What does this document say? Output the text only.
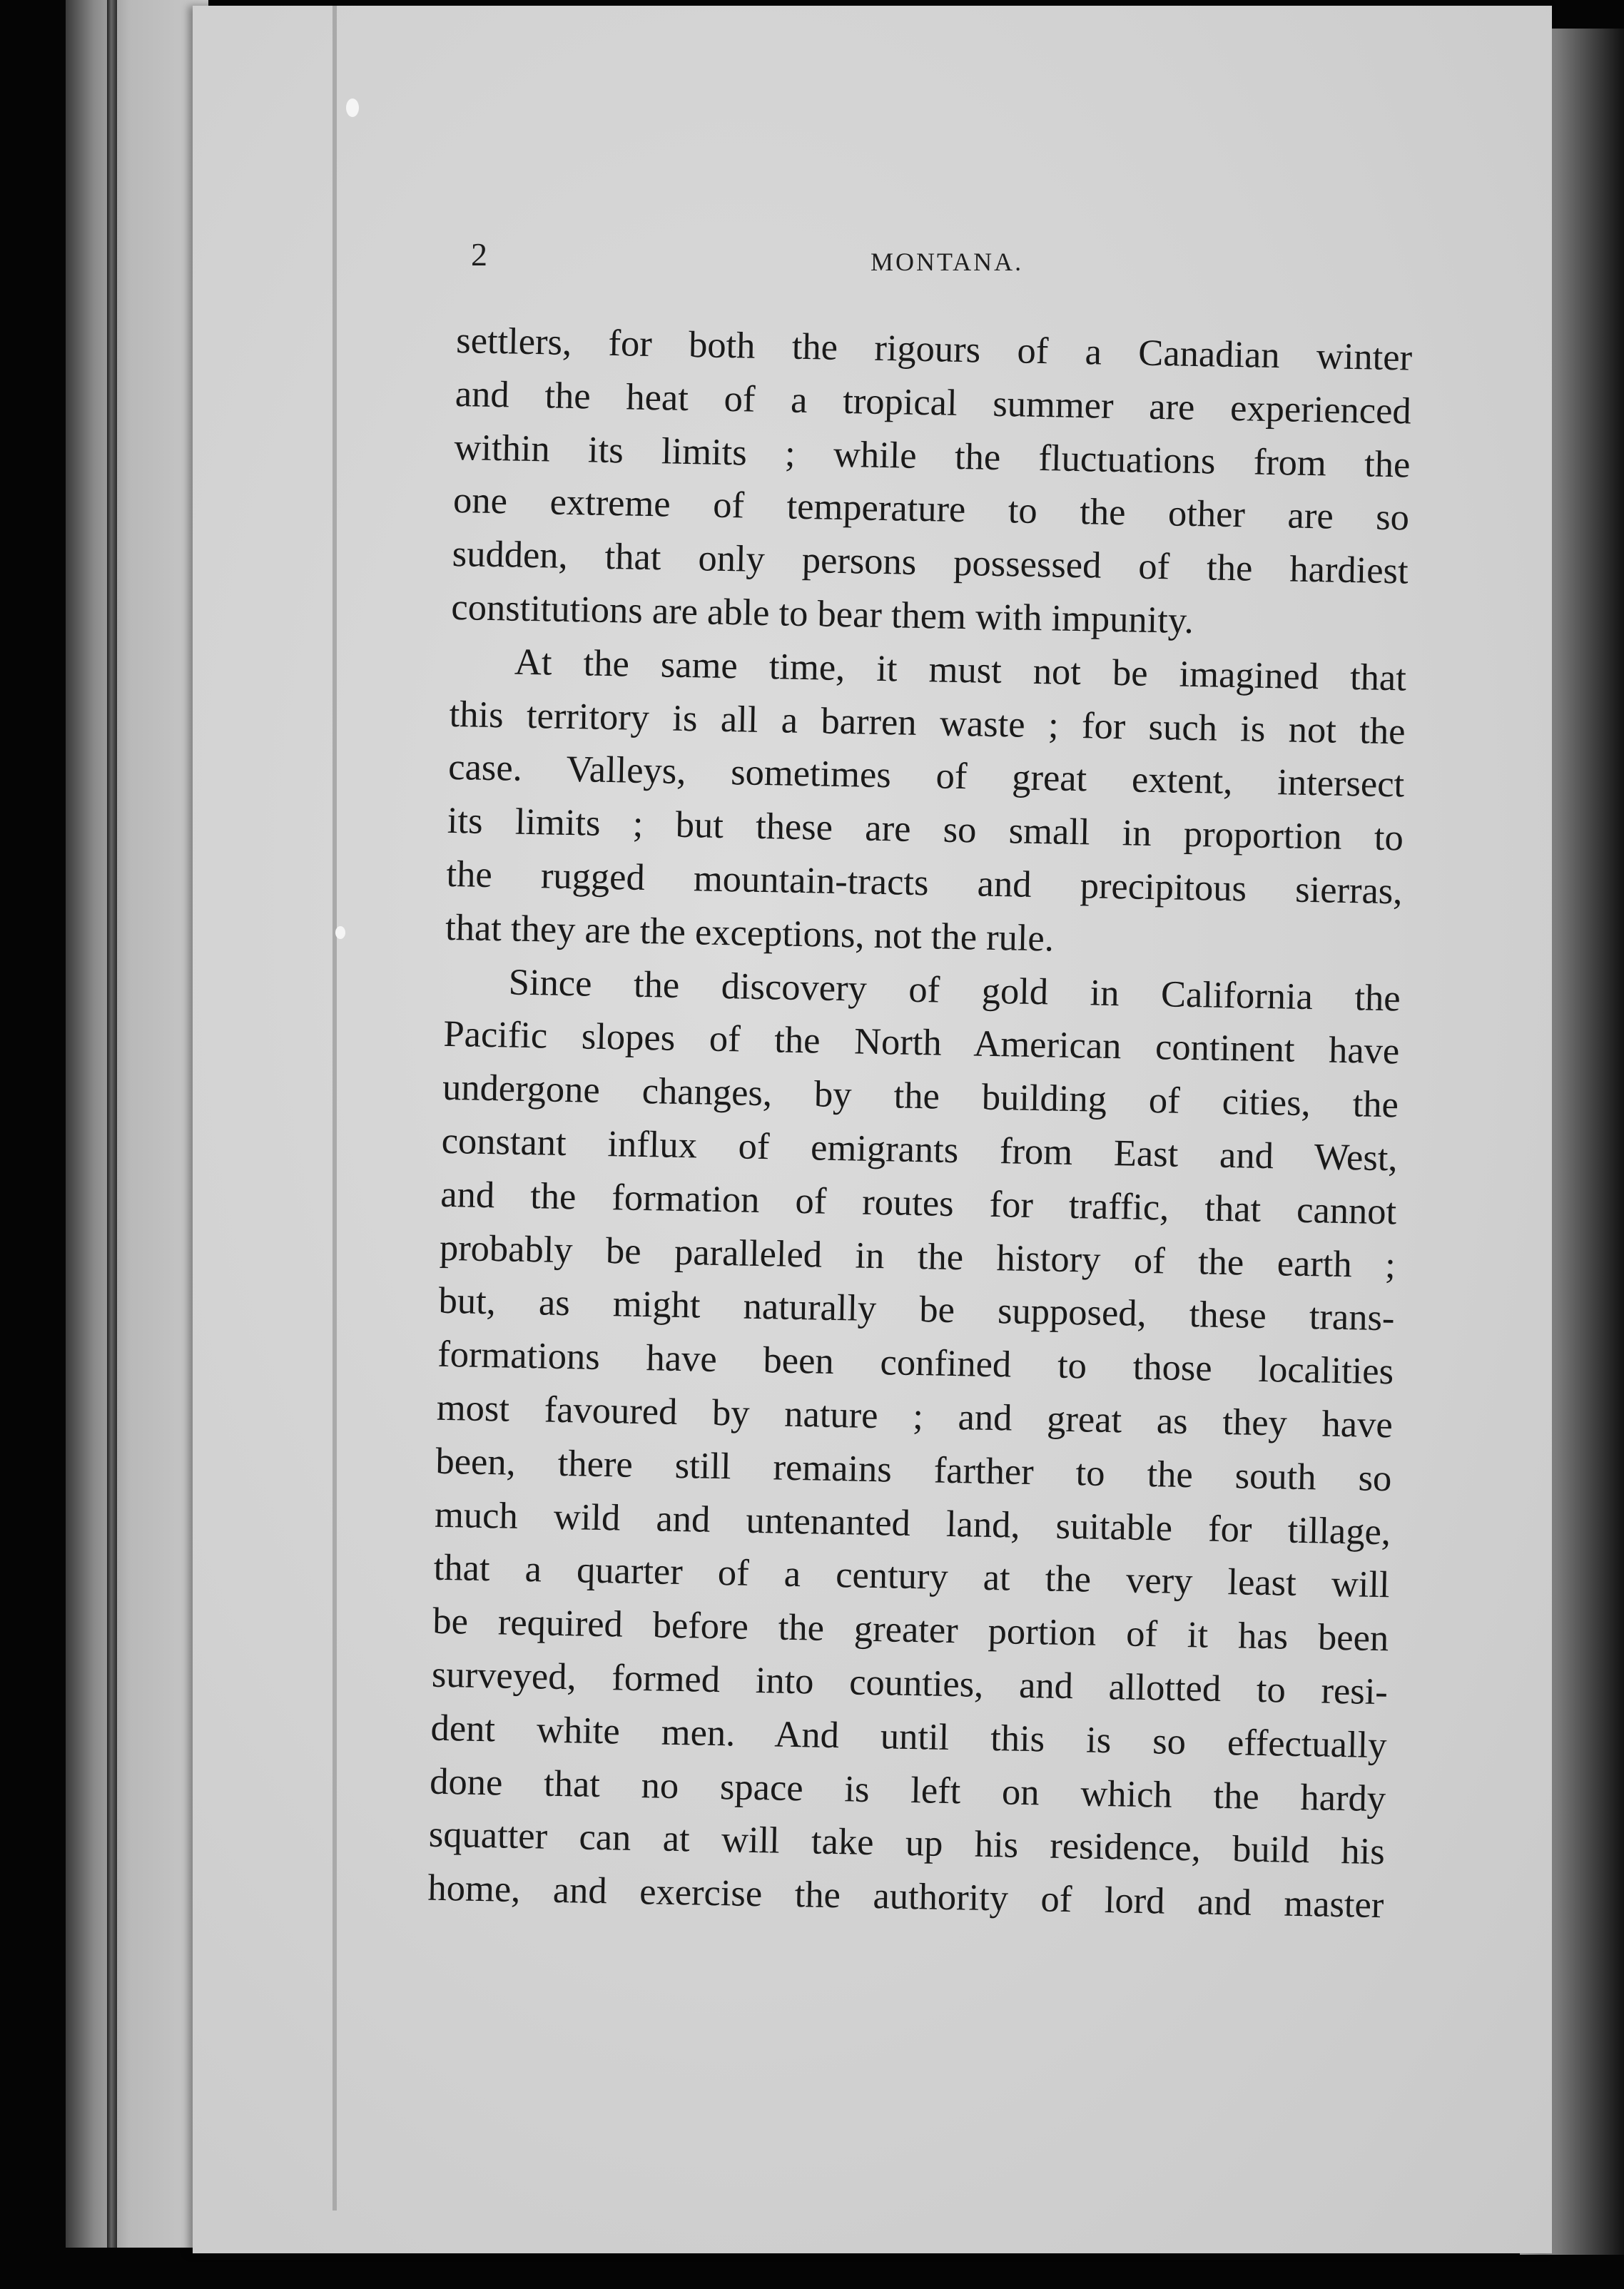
2	MONTANA.
settlers, for both the rigours of a Canadian winter
and the heat of a tropical summer are experienced
within its limits ; while the fluctuations from the
one extreme of temperature to the other are so
sudden, that only persons possessed of the hardiest
constitutions are able to bear them with impunity.
At the same time, it must not be imagined that
this territory is all a barren waste ; for such is not the
case. Valleys, sometimes of great extent, intersect
its limits ; but these are so small in proportion to
the rugged mountain-tracts and precipitous sierras,
that they are the exceptions, not the rule.
Since the discovery of gold in California the
Pacific slopes of the North American continent have
undergone changes, by the building of cities, the
constant influx of emigrants from East and West,
and the formation of routes for traffic, that cannot
probably be paralleled in the history of the earth ;
but, as might naturally be supposed, these trans-
formations have been confined to those localities
most favoured by nature ; and great as they have
been, there still remains farther to the south so
much wild and untenanted land, suitable for tillage,
that a quarter of a century at the very least will
be required before the greater portion of it has been
surveyed, formed into counties, and allotted to resi-
dent white men. And until this is so effectually
done that no space is left on which the hardy
squatter can at will take up his residence, build his
home, and exercise the authority of lord and master
